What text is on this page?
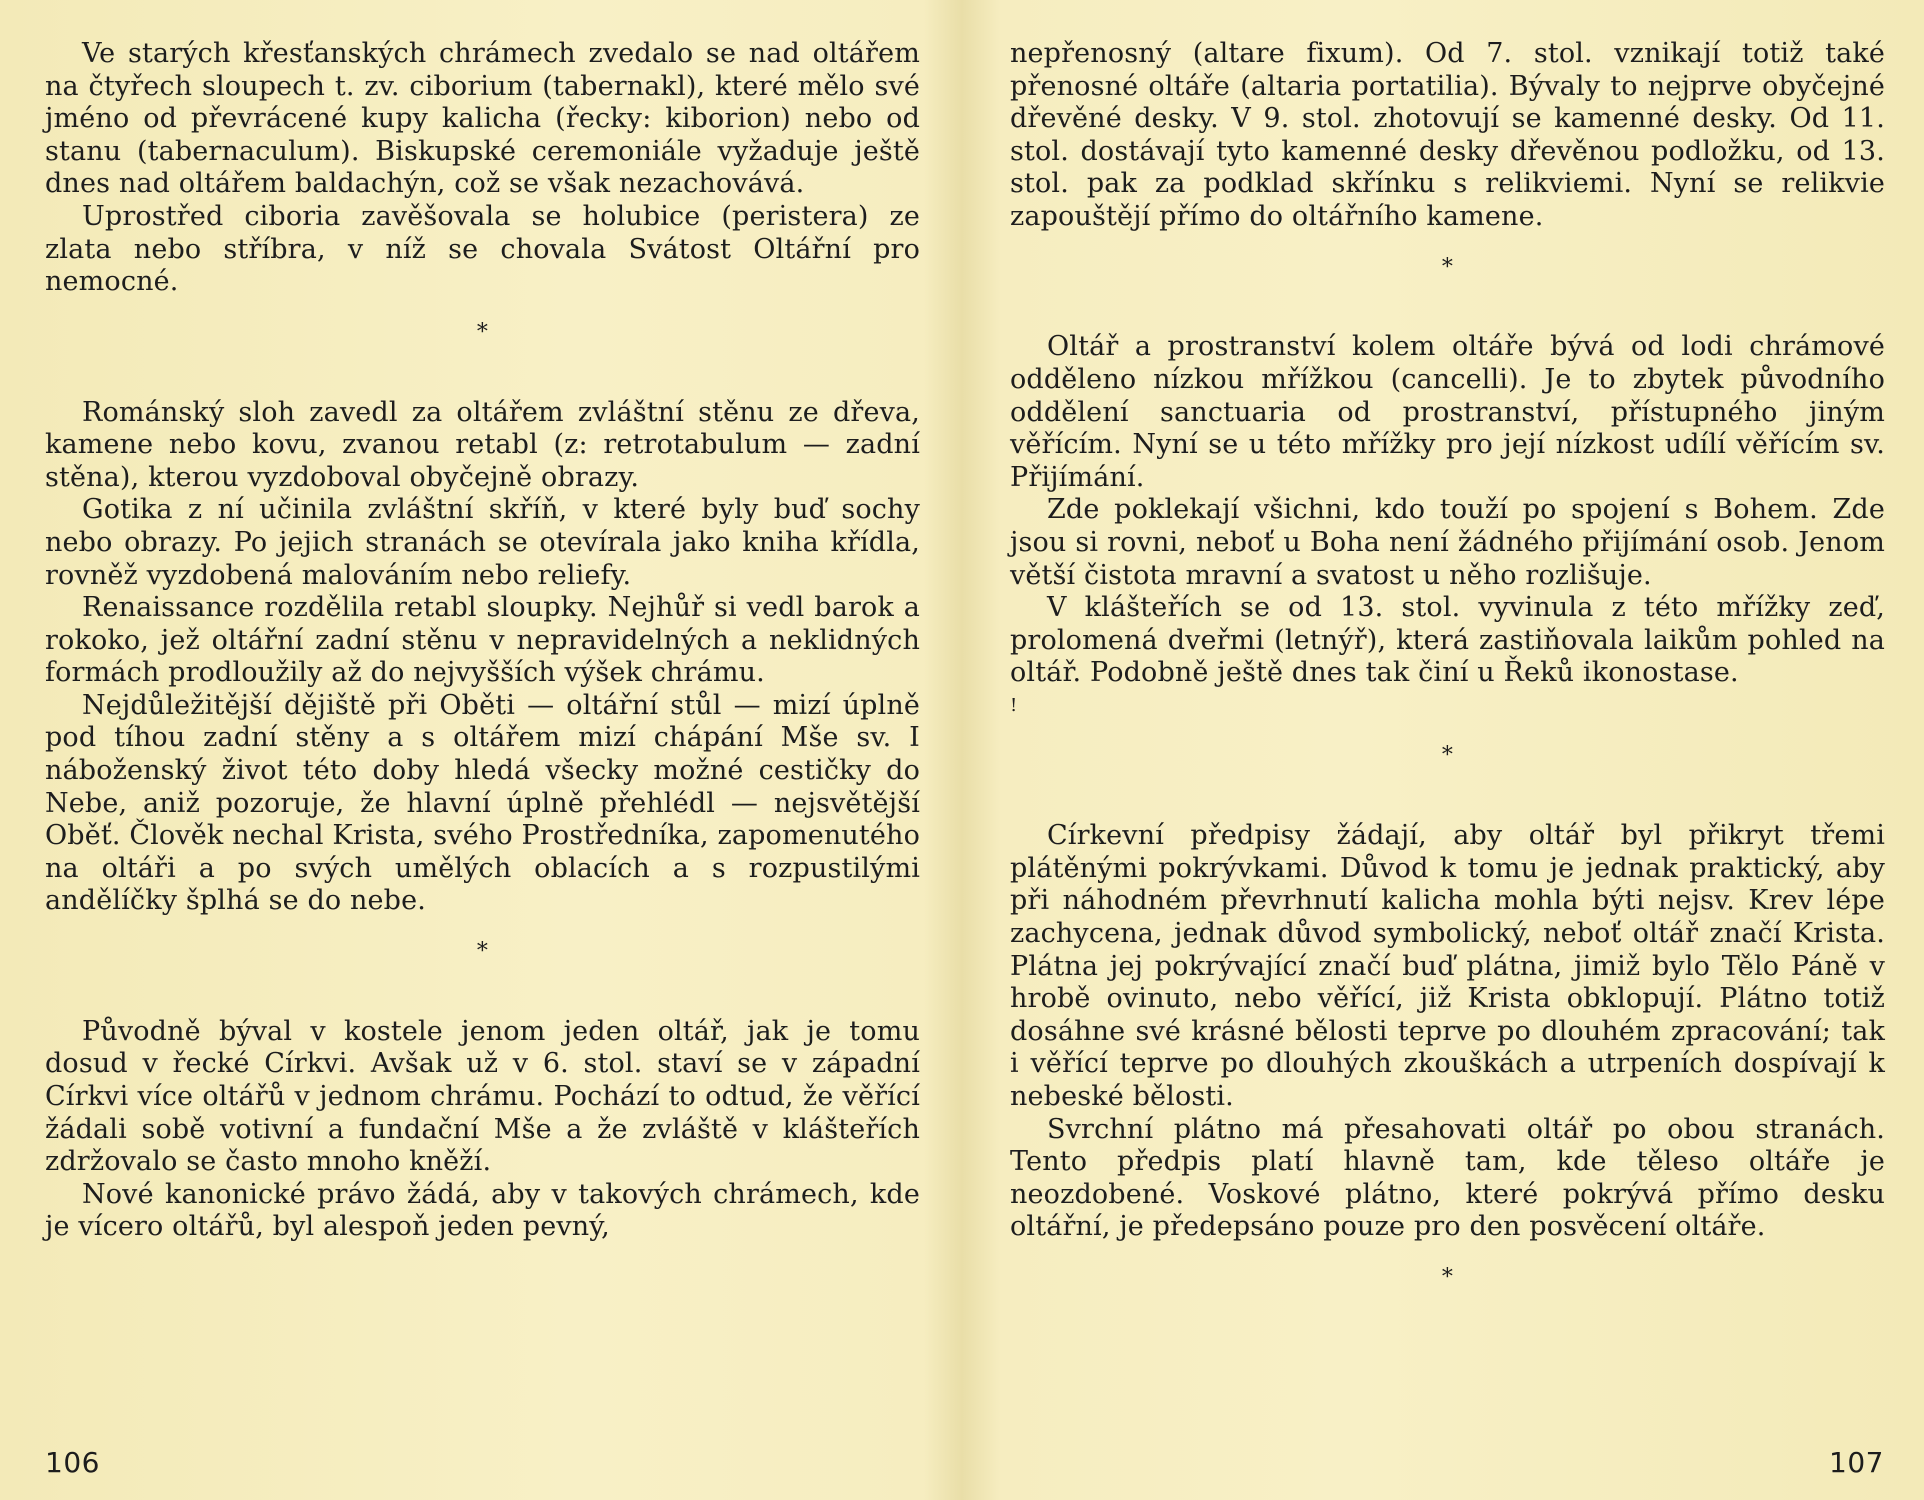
Ve starých křesťanských chrámech zvedalo se nad oltářem na čtyřech sloupech t. zv. ciborium (tabernakl), které mělo své jméno od převrácené kupy kalicha (řecky: kiborion) nebo od stanu (tabernaculum). Biskupské ceremoniále vyžaduje ještě dnes nad oltářem baldachýn, což se však nezachovává.

Uprostřed ciboria zavěšovala se holubice (peristera) ze zlata nebo stříbra, v níž se chovala Svátost Oltářní pro nemocné.

*

Románský sloh zavedl za oltářem zvláštní stěnu ze dřeva, kamene nebo kovu, zvanou retabl (z: retrotabulum — zadní stěna), kterou vyzdoboval obyčejně obrazy.

Gotika z ní učinila zvláštní skříň, v které byly buď sochy nebo obrazy. Po jejich stranách se otevírala jako kniha křídla, rovněž vyzdobená malováním nebo reliefy.

Renaissance rozdělila retabl sloupky. Nejhůř si vedl barok a rokoko, jež oltářní zadní stěnu v nepravidelných a neklidných formách prodloužily až do nejvyšších výšek chrámu.

Nejdůležitější dějiště při Oběti — oltářní stůl — mizí úplně pod tíhou zadní stěny a s oltářem mizí chápání Mše sv. I náboženský život této doby hledá všecky možné cestičky do Nebe, aniž pozoruje, že hlavní úplně přehlédl — nejsvětější Oběť. Člověk nechal Krista, svého Prostředníka, zapomenutého na oltáři a po svých umělých oblacích a s rozpustilými andělíčky šplhá se do nebe.

*

Původně býval v kostele jenom jeden oltář, jak je tomu dosud v řecké Církvi. Avšak už v 6. stol. staví se v západní Církvi více oltářů v jednom chrámu. Pochází to odtud, že věřící žádali sobě votivní a fundační Mše a že zvláště v klášteřích zdržovalo se často mnoho kněží.

Nové kanonické právo žádá, aby v takových chrámech, kde je vícero oltářů, byl alespoň jeden pevný,

106

nepřenosný (altare fixum). Od 7. stol. vznikají totiž také přenosné oltáře (altaria portatilia). Bývaly to nejprve obyčejné dřevěné desky. V 9. stol. zhotovují se kamenné desky. Od 11. stol. dostávají tyto kamenné desky dřevěnou podložku, od 13. stol. pak za podklad skřínku s relikviemi. Nyní se relikvie zapouštějí přímo do oltářního kamene.

*

Oltář a prostranství kolem oltáře bývá od lodi chrámové odděleno nízkou mřížkou (cancelli). Je to zbytek původního oddělení sanctuaria od prostranství, přístupného jiným věřícím. Nyní se u této mřížky pro její nízkost udílí věřícím sv. Přijímání.

Zde poklekají všichni, kdo touží po spojení s Bohem. Zde jsou si rovni, neboť u Boha není žádného přijímání osob. Jenom větší čistota mravní a svatost u něho rozlišuje.

V klášteřích se od 13. stol. vyvinula z této mřížky zeď, prolomená dveřmi (letnýř), která zastiňovala laikům pohled na oltář. Podobně ještě dnes tak činí u Řeků ikonostase.

!
*

Církevní předpisy žádají, aby oltář byl přikryt třemi plátěnými pokrývkami. Důvod k tomu je jednak praktický, aby při náhodném převrhnutí kalicha mohla býti nejsv. Krev lépe zachycena, jednak důvod symbolický, neboť oltář značí Krista. Plátna jej pokrývající značí buď plátna, jimiž bylo Tělo Páně v hrobě ovinuto, nebo věřící, již Krista obklopují. Plátno totiž dosáhne své krásné bělosti teprve po dlouhém zpracování; tak i věřící teprve po dlouhých zkouškách a utrpeních dospívají k nebeské bělosti.

Svrchní plátno má přesahovati oltář po obou stranách. Tento předpis platí hlavně tam, kde těleso oltáře je neozdobené. Voskové plátno, které pokrývá přímo desku oltářní, je předepsáno pouze pro den posvěcení oltáře.

*
107
